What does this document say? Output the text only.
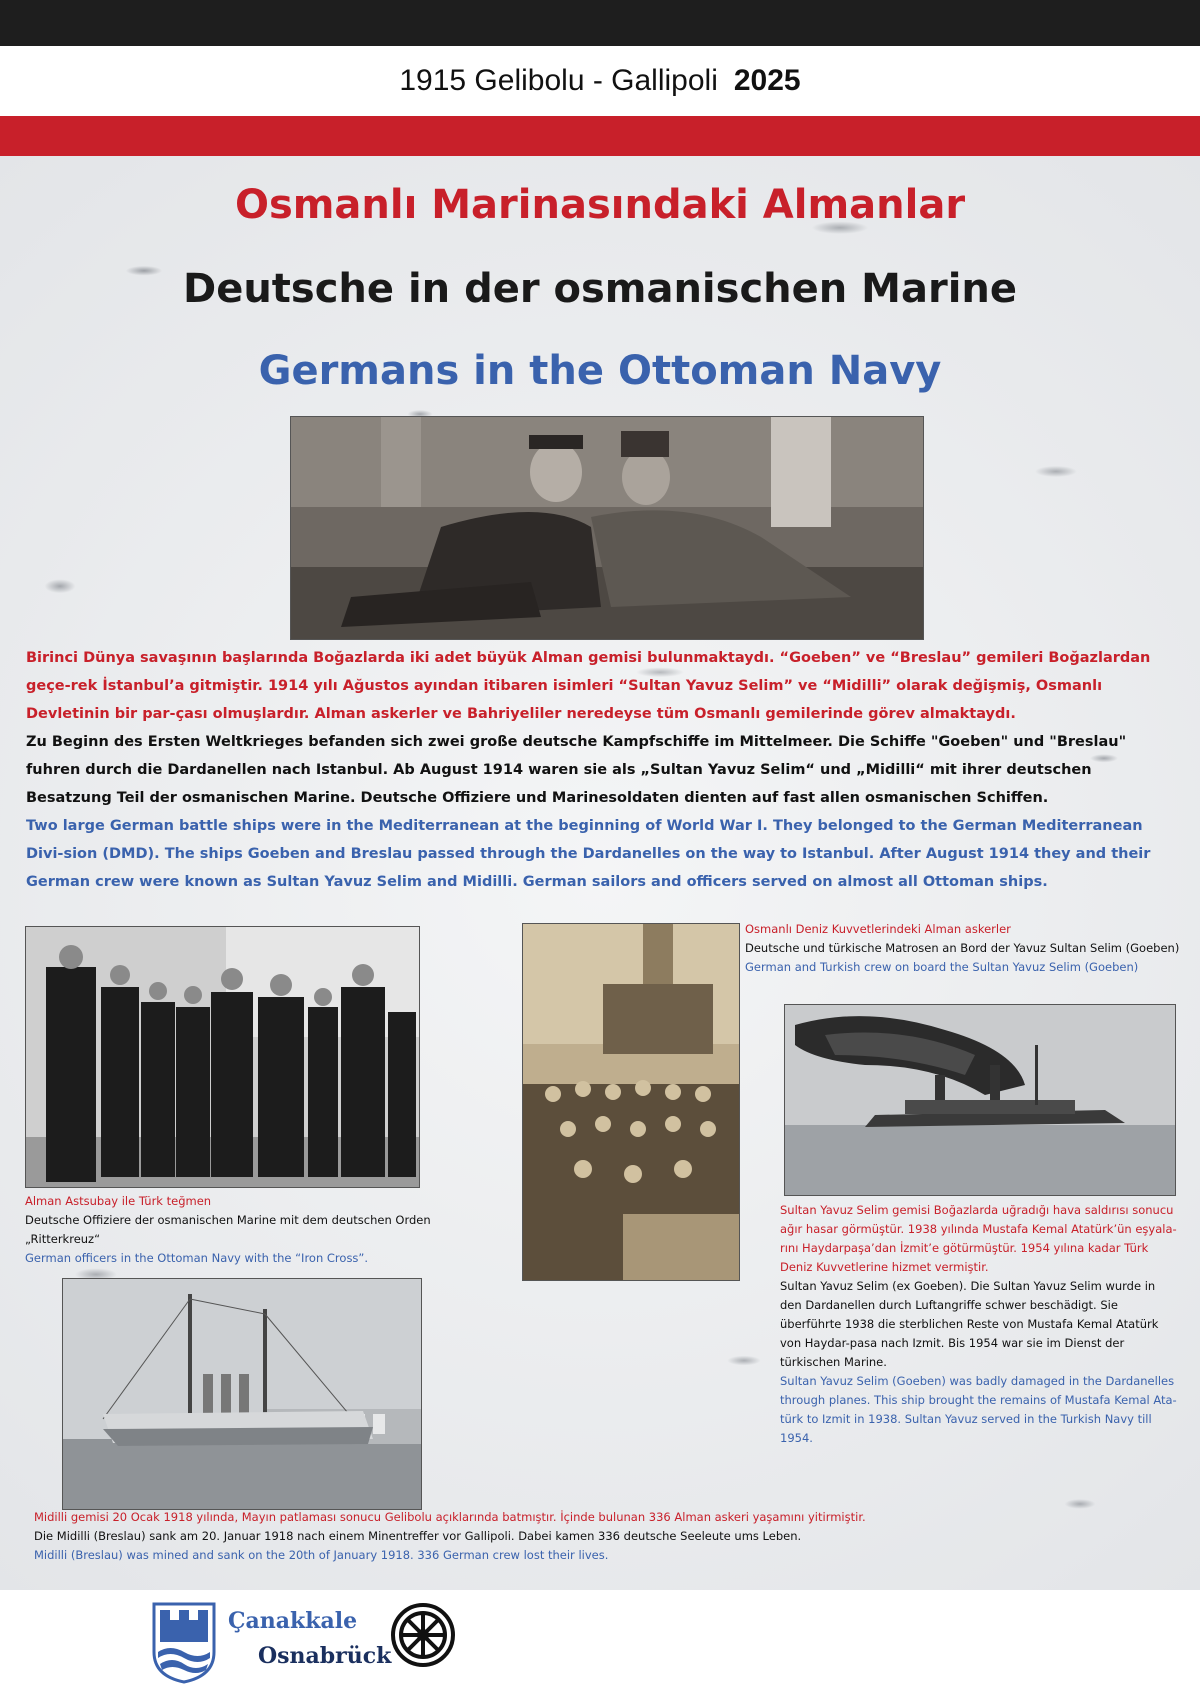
1915 Gelibolu - Gallipoli 2025
Osmanlı Marinasındaki Almanlar
Deutsche in der osmanischen Marine
Germans in the Ottoman Navy

Birinci Dünya savaşının başlarında Boğazlarda iki adet büyük Alman gemisi bulunmaktaydı. “Goeben” ve “Breslau” gemileri Boğazlardan geçe-rek İstanbul’a gitmiştir. 1914 yılı Ağustos ayından itibaren isimleri “Sultan Yavuz Selim” ve “Midilli” olarak değişmiş, Osmanlı Devletinin bir par-çası olmuşlardır. Alman askerler ve Bahriyeliler neredeyse tüm Osmanlı gemilerinde görev almaktaydı.

Zu Beginn des Ersten Weltkrieges befanden sich zwei große deutsche Kampfschiffe im Mittelmeer. Die Schiffe "Goeben" und "Breslau" fuhren durch die Dardanellen nach Istanbul. Ab August 1914 waren sie als „Sultan Yavuz Selim“ und „Midilli“ mit ihrer deutschen Besatzung Teil der osmanischen Marine. Deutsche Offiziere und Marinesoldaten dienten auf fast allen osmanischen Schiffen.

Two large German battle ships were in the Mediterranean at the beginning of World War I. They belonged to the German Mediterranean Divi-sion (DMD). The ships Goeben and Breslau passed through the Dardanelles on the way to Istanbul. After August 1914 they and their German crew were known as Sultan Yavuz Selim and Midilli. German sailors and officers served on almost all Ottoman ships.

Alman Astsubay ile Türk teğmen

Deutsche Offiziere der osmanischen Marine mit dem deutschen Orden „Ritterkreuz“

German officers in the Ottoman Navy with the “Iron Cross”.

Osmanlı Deniz Kuvvetlerindeki Alman askerler

Deutsche und türkische Matrosen an Bord der Yavuz Sultan Selim (Goeben)

German and Turkish crew on board the Sultan Yavuz Selim (Goeben)

Sultan Yavuz Selim gemisi Boğazlarda uğradığı hava saldırısı sonucu ağır hasar görmüştür. 1938 yılında Mustafa Kemal Atatürk’ün eşyala-rını Haydarpaşa’dan İzmit’e götürmüştür. 1954 yılına kadar Türk Deniz Kuvvetlerine hizmet vermiştir.

Sultan Yavuz Selim (ex Goeben). Die Sultan Yavuz Selim wurde in den Dardanellen durch Luftangriffe schwer beschädigt. Sie überführte 1938 die sterblichen Reste von Mustafa Kemal Atatürk von Haydar-pasa nach Izmit. Bis 1954 war sie im Dienst der türkischen Marine.

Sultan Yavuz Selim (Goeben) was badly damaged in the Dardanelles through planes. This ship brought the remains of Mustafa Kemal Ata-türk to Izmit in 1938. Sultan Yavuz served in the Turkish Navy till 1954.

Midilli gemisi 20 Ocak 1918 yılında, Mayın patlaması sonucu Gelibolu açıklarında batmıştır. İçinde bulunan 336 Alman askeri yaşamını yitirmiştir.

Die Midilli (Breslau) sank am 20. Januar 1918 nach einem Minentreffer vor Gallipoli. Dabei kamen 336 deutsche Seeleute ums Leben.

Midilli (Breslau) was mined and sank on the 20th of January 1918. 336 German crew lost their lives.

Çanakkale
Osnabrück
